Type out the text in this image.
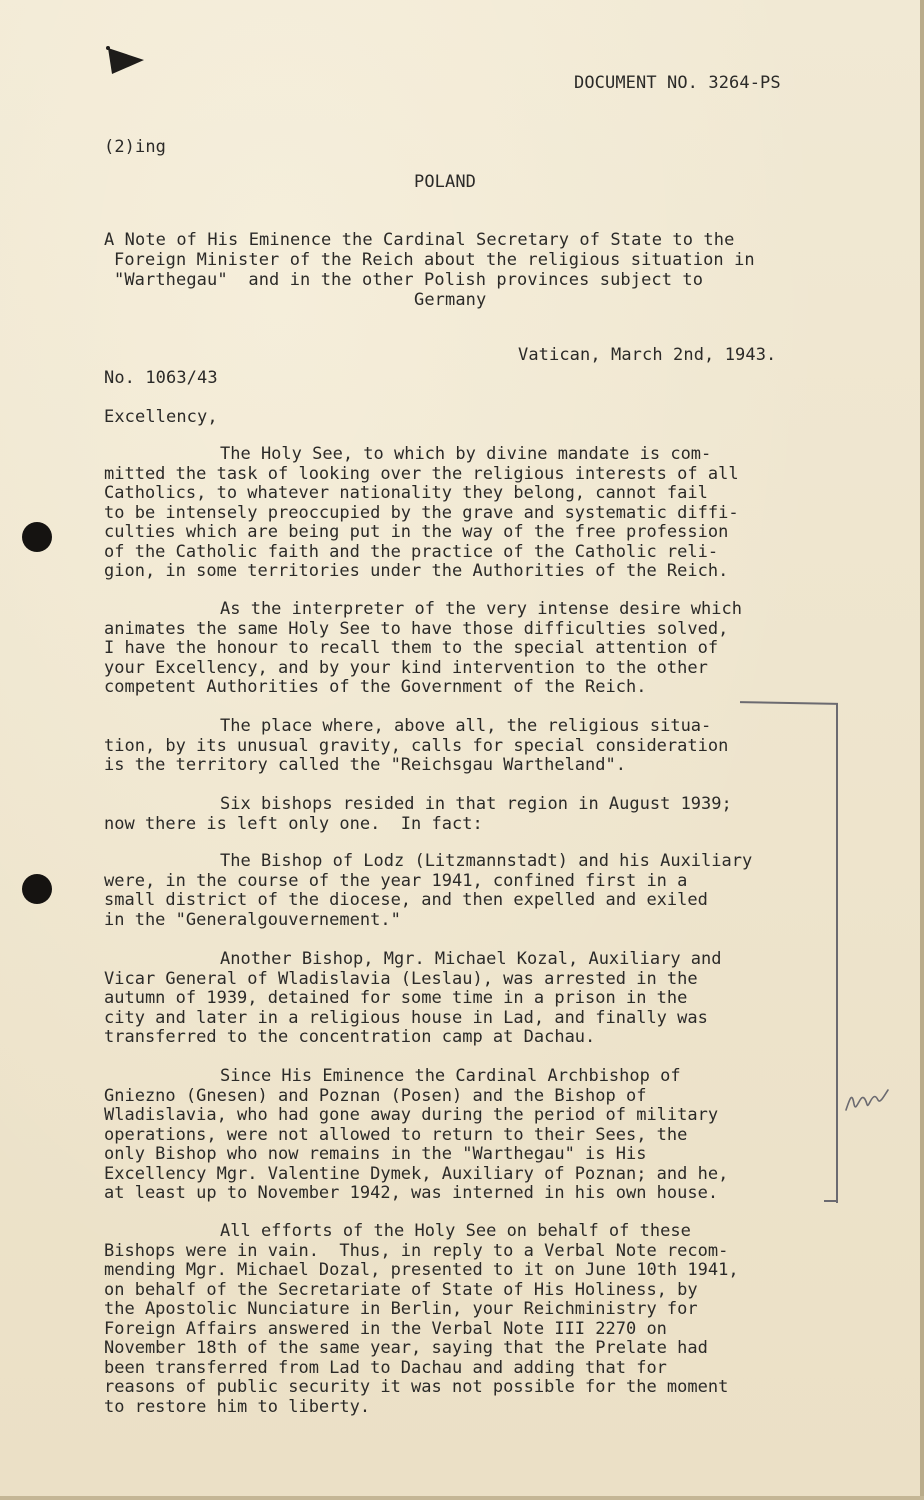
DOCUMENT NO. 3264-PS
(2)ing
POLAND
A Note of His Eminence the Cardinal Secretary of State to the
Foreign Minister of the Reich about the religious situation in
"Warthegau"  and in the other Polish provinces subject to
Germany
Vatican, March 2nd, 1943.
No. 1063/43
Excellency,
The Holy See, to which by divine mandate is com-
mitted the task of looking over the religious interests of all
Catholics, to whatever nationality they belong, cannot fail
to be intensely preoccupied by the grave and systematic diffi-
culties which are being put in the way of the free profession
of the Catholic faith and the practice of the Catholic reli-
gion, in some territories under the Authorities of the Reich.
As the interpreter of the very intense desire which
animates the same Holy See to have those difficulties solved,
I have the honour to recall them to the special attention of
your Excellency, and by your kind intervention to the other
competent Authorities of the Government of the Reich.
The place where, above all, the religious situa-
tion, by its unusual gravity, calls for special consideration
is the territory called the "Reichsgau Wartheland".
Six bishops resided in that region in August 1939;
now there is left only one.  In fact:
The Bishop of Lodz (Litzmannstadt) and his Auxiliary
were, in the course of the year 1941, confined first in a
small district of the diocese, and then expelled and exiled
in the "Generalgouvernement."
Another Bishop, Mgr. Michael Kozal, Auxiliary and
Vicar General of Wladislavia (Leslau), was arrested in the
autumn of 1939, detained for some time in a prison in the
city and later in a religious house in Lad, and finally was
transferred to the concentration camp at Dachau.
Since His Eminence the Cardinal Archbishop of
Gniezno (Gnesen) and Poznan (Posen) and the Bishop of
Wladislavia, who had gone away during the period of military
operations, were not allowed to return to their Sees, the
only Bishop who now remains in the "Warthegau" is His
Excellency Mgr. Valentine Dymek, Auxiliary of Poznan; and he,
at least up to November 1942, was interned in his own house.
All efforts of the Holy See on behalf of these
Bishops were in vain.  Thus, in reply to a Verbal Note recom-
mending Mgr. Michael Dozal, presented to it on June 10th 1941,
on behalf of the Secretariate of State of His Holiness, by
the Apostolic Nunciature in Berlin, your Reichministry for
Foreign Affairs answered in the Verbal Note III 2270 on
November 18th of the same year, saying that the Prelate had
been transferred from Lad to Dachau and adding that for
reasons of public security it was not possible for the moment
to restore him to liberty.
